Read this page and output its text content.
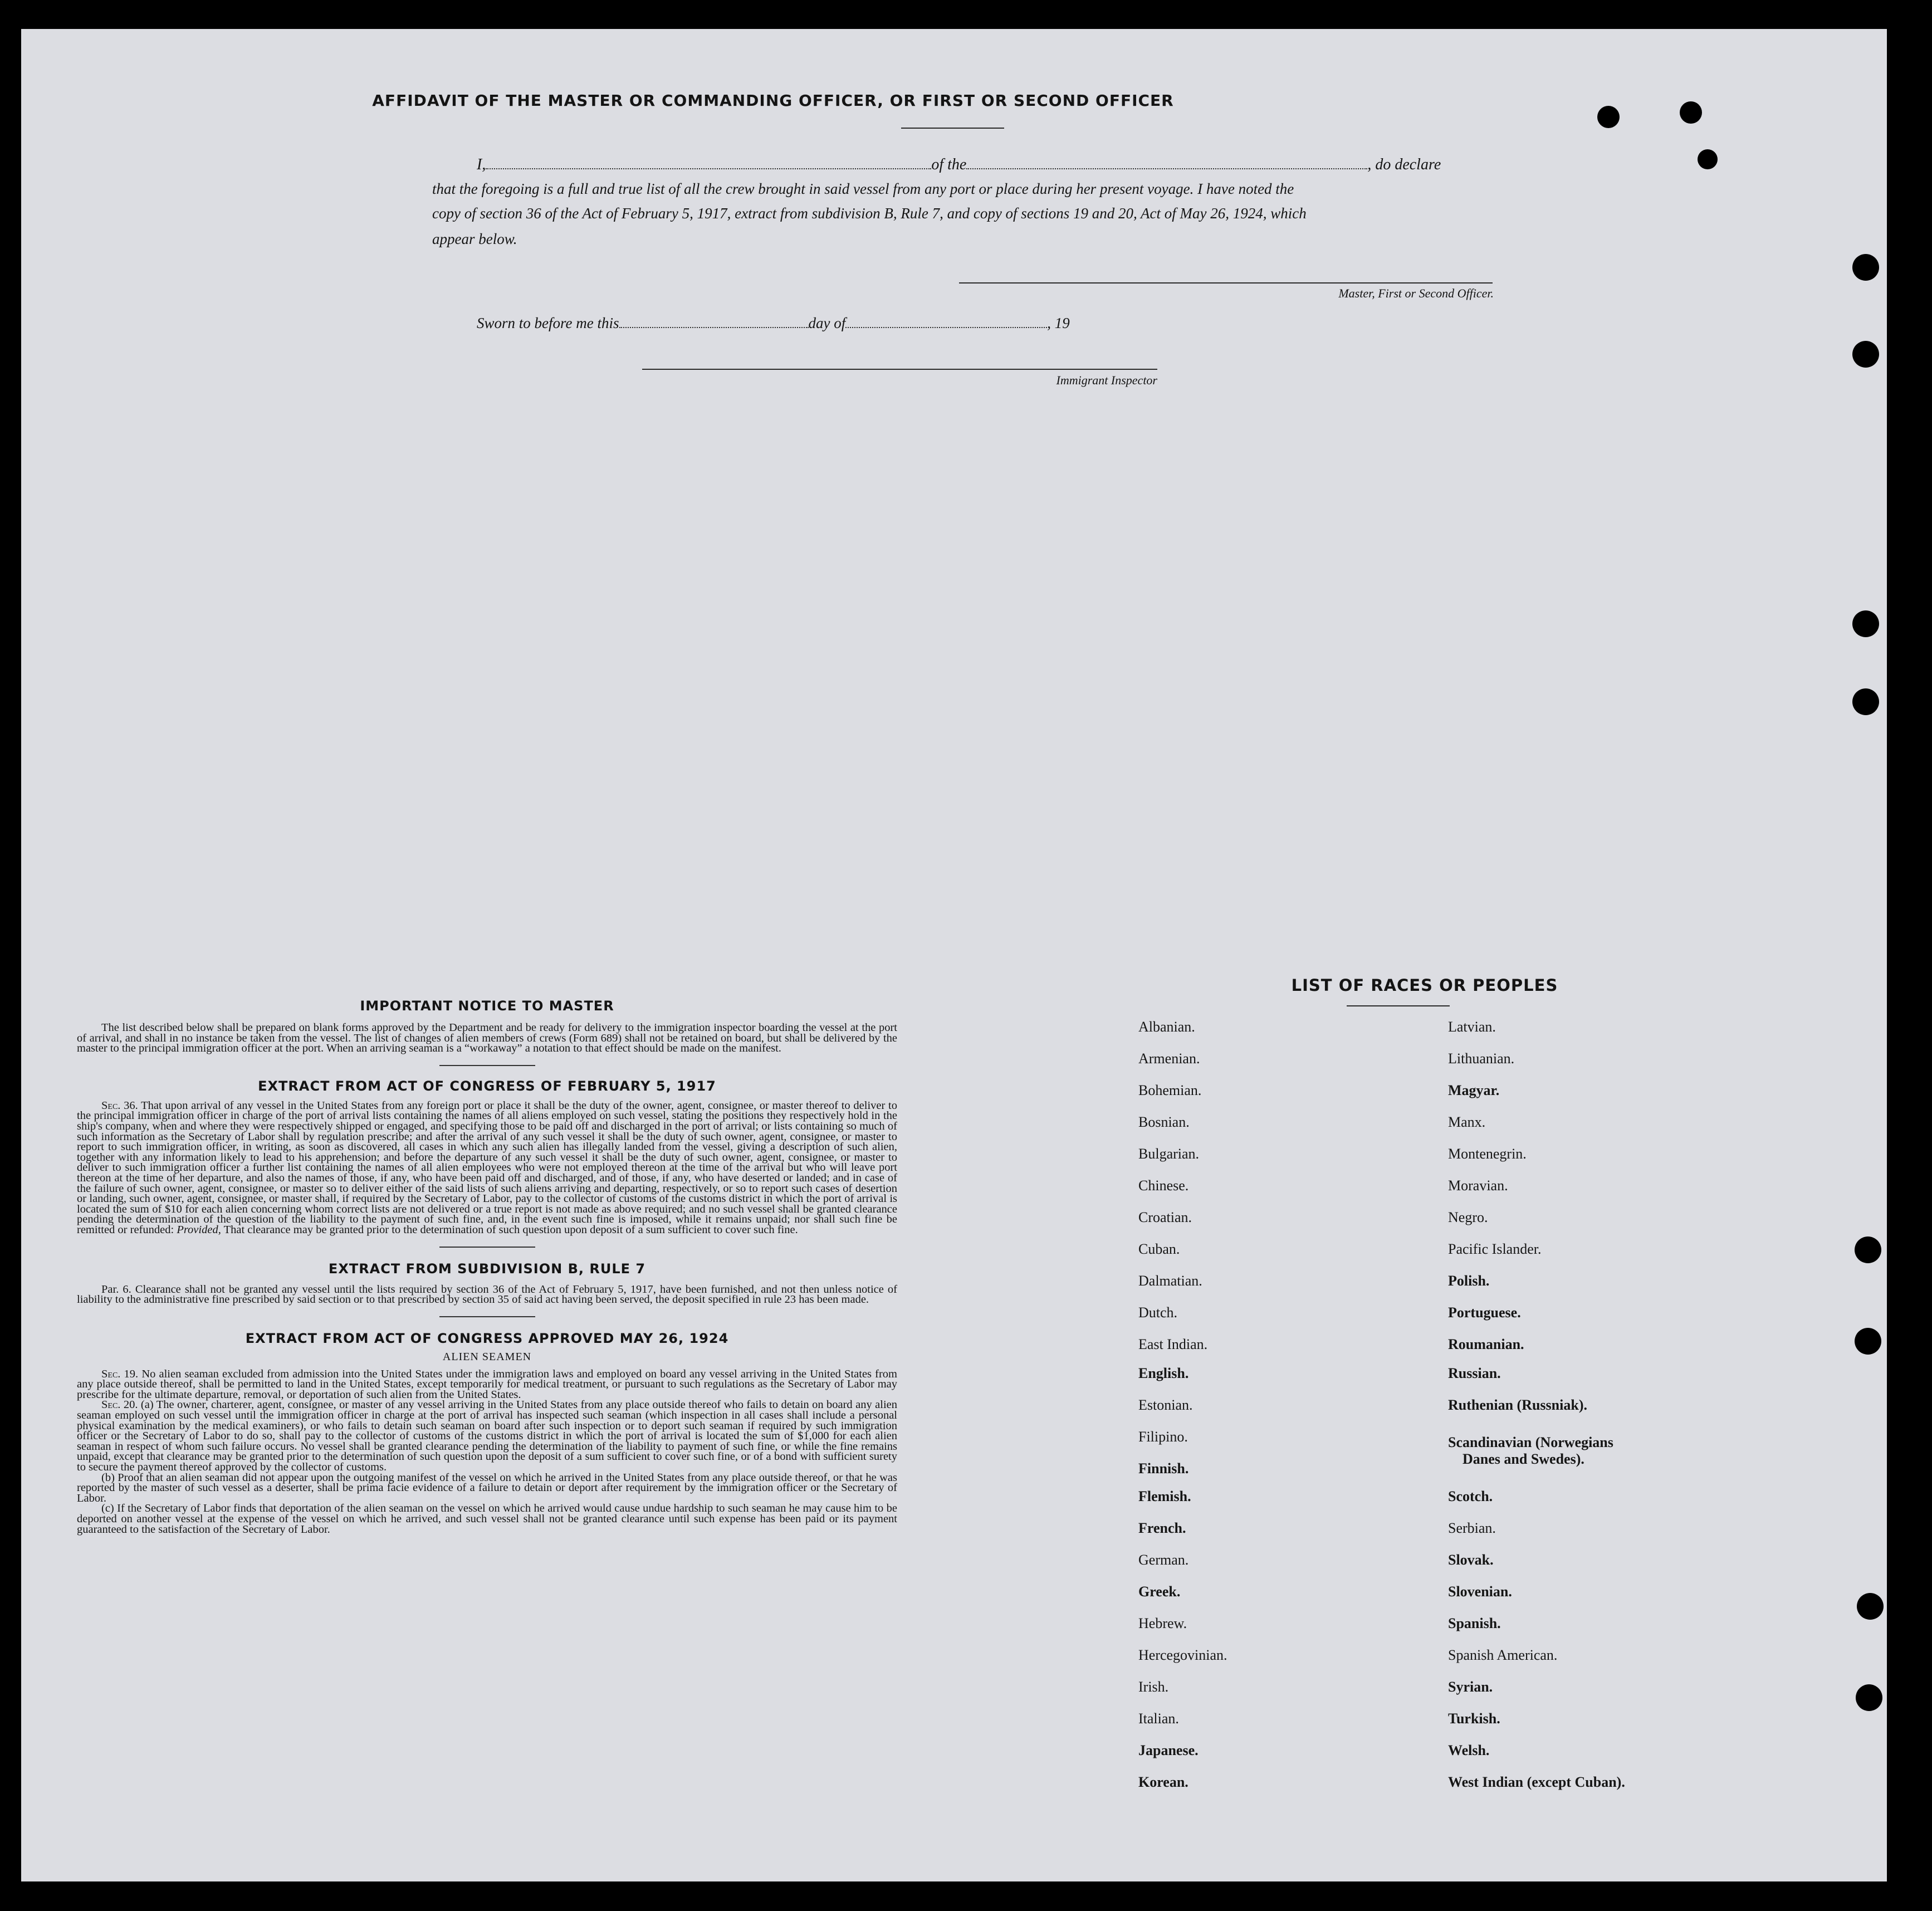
AFFIDAVIT OF THE MASTER OR COMMANDING OFFICER, OR FIRST OR SECOND OFFICER
I,	of the	, do declare
that the foregoing is a full and true list of all the crew brought in said vessel from any port or place during her present voyage. I have noted the
copy of section 36 of the Act of February 5, 1917, extract from subdivision B, Rule 7, and copy of sections 19 and 20, Act of May 26, 1924, which
appear below.
Master, First or Second Officer.
Sworn to before me this	day of	, 19
Immigrant Inspector
IMPORTANT NOTICE TO MASTER

The list described below shall be prepared on blank forms approved by the Department and be ready for delivery to the immigration inspector boarding the vessel at the port of arrival, and shall in no instance be taken from the vessel. The list of changes of alien members of crews (Form 689) shall not be retained on board, but shall be delivered by the master to the principal immigration officer at the port. When an arriving seaman is a “workaway” a notation to that effect should be made on the manifest.

EXTRACT FROM ACT OF CONGRESS OF FEBRUARY 5, 1917

Sec. 36. That upon arrival of any vessel in the United States from any foreign port or place it shall be the duty of the owner, agent, consignee, or master thereof to deliver to the principal immigration officer in charge of the port of arrival lists containing the names of all aliens employed on such vessel, stating the positions they respectively hold in the ship's company, when and where they were respectively shipped or engaged, and specifying those to be paid off and discharged in the port of arrival; or lists containing so much of such information as the Secretary of Labor shall by regulation prescribe; and after the arrival of any such vessel it shall be the duty of such owner, agent, consignee, or master to report to such immigration officer, in writing, as soon as discovered, all cases in which any such alien has illegally landed from the vessel, giving a description of such alien, together with any information likely to lead to his apprehension; and before the departure of any such vessel it shall be the duty of such owner, agent, consignee, or master to deliver to such immigration officer a further list containing the names of all alien employees who were not employed thereon at the time of the arrival but who will leave port thereon at the time of her departure, and also the names of those, if any, who have been paid off and discharged, and of those, if any, who have deserted or landed; and in case of the failure of such owner, agent, consignee, or master so to deliver either of the said lists of such aliens arriving and departing, respectively, or so to report such cases of desertion or landing, such owner, agent, consignee, or master shall, if required by the Secretary of Labor, pay to the collector of customs of the customs district in which the port of arrival is located the sum of $10 for each alien concerning whom correct lists are not delivered or a true report is not made as above required; and no such vessel shall be granted clearance pending the determination of the question of the liability to the payment of such fine, and, in the event such fine is imposed, while it remains unpaid; nor shall such fine be remitted or refunded: Provided, That clearance may be granted prior to the determination of such question upon deposit of a sum sufficient to cover such fine.

EXTRACT FROM SUBDIVISION B, RULE 7

Par. 6. Clearance shall not be granted any vessel until the lists required by section 36 of the Act of February 5, 1917, have been furnished, and not then unless notice of liability to the administrative fine prescribed by said section or to that prescribed by section 35 of said act having been served, the deposit specified in rule 23 has been made.

EXTRACT FROM ACT OF CONGRESS APPROVED MAY 26, 1924
ALIEN SEAMEN

Sec. 19. No alien seaman excluded from admission into the United States under the immigration laws and employed on board any vessel arriving in the United States from any place outside thereof, shall be permitted to land in the United States, except temporarily for medical treatment, or pursuant to such regulations as the Secretary of Labor may prescribe for the ultimate departure, removal, or deportation of such alien from the United States.

Sec. 20. (a) The owner, charterer, agent, consignee, or master of any vessel arriving in the United States from any place outside thereof who fails to detain on board any alien seaman employed on such vessel until the immigration officer in charge at the port of arrival has inspected such seaman (which inspection in all cases shall include a personal physical examination by the medical examiners), or who fails to detain such seaman on board after such inspection or to deport such seaman if required by such immigration officer or the Secretary of Labor to do so, shall pay to the collector of customs of the customs district in which the port of arrival is located the sum of $1,000 for each alien seaman in respect of whom such failure occurs. No vessel shall be granted clearance pending the determination of the liability to payment of such fine, or while the fine remains unpaid, except that clearance may be granted prior to the determination of such question upon the deposit of a sum sufficient to cover such fine, or of a bond with sufficient surety to secure the payment thereof approved by the collector of customs.

(b) Proof that an alien seaman did not appear upon the outgoing manifest of the vessel on which he arrived in the United States from any place outside thereof, or that he was reported by the master of such vessel as a deserter, shall be prima facie evidence of a failure to detain or deport after requirement by the immigration officer or the Secretary of Labor.

(c) If the Secretary of Labor finds that deportation of the alien seaman on the vessel on which he arrived would cause undue hardship to such seaman he may cause him to be deported on another vessel at the expense of the vessel on which he arrived, and such vessel shall not be granted clearance until such expense has been paid or its payment guaranteed to the satisfaction of the Secretary of Labor.

LIST OF RACES OR PEOPLES
Albanian.
Armenian.
Bohemian.
Bosnian.
Bulgarian.
Chinese.
Croatian.
Cuban.
Dalmatian.
Dutch.
East Indian.
English.
Estonian.
Filipino.
Finnish.
Flemish.
French.
German.
Greek.
Hebrew.
Hercegovinian.
Irish.
Italian.
Japanese.
Korean.
Latvian.
Lithuanian.
Magyar.
Manx.
Montenegrin.
Moravian.
Negro.
Pacific Islander.
Polish.
Portuguese.
Roumanian.
Russian.
Ruthenian (Russniak).
Scandinavian (Norwegians
Danes and Swedes).
Scotch.
Serbian.
Slovak.
Slovenian.
Spanish.
Spanish American.
Syrian.
Turkish.
Welsh.
West Indian (except Cuban).
